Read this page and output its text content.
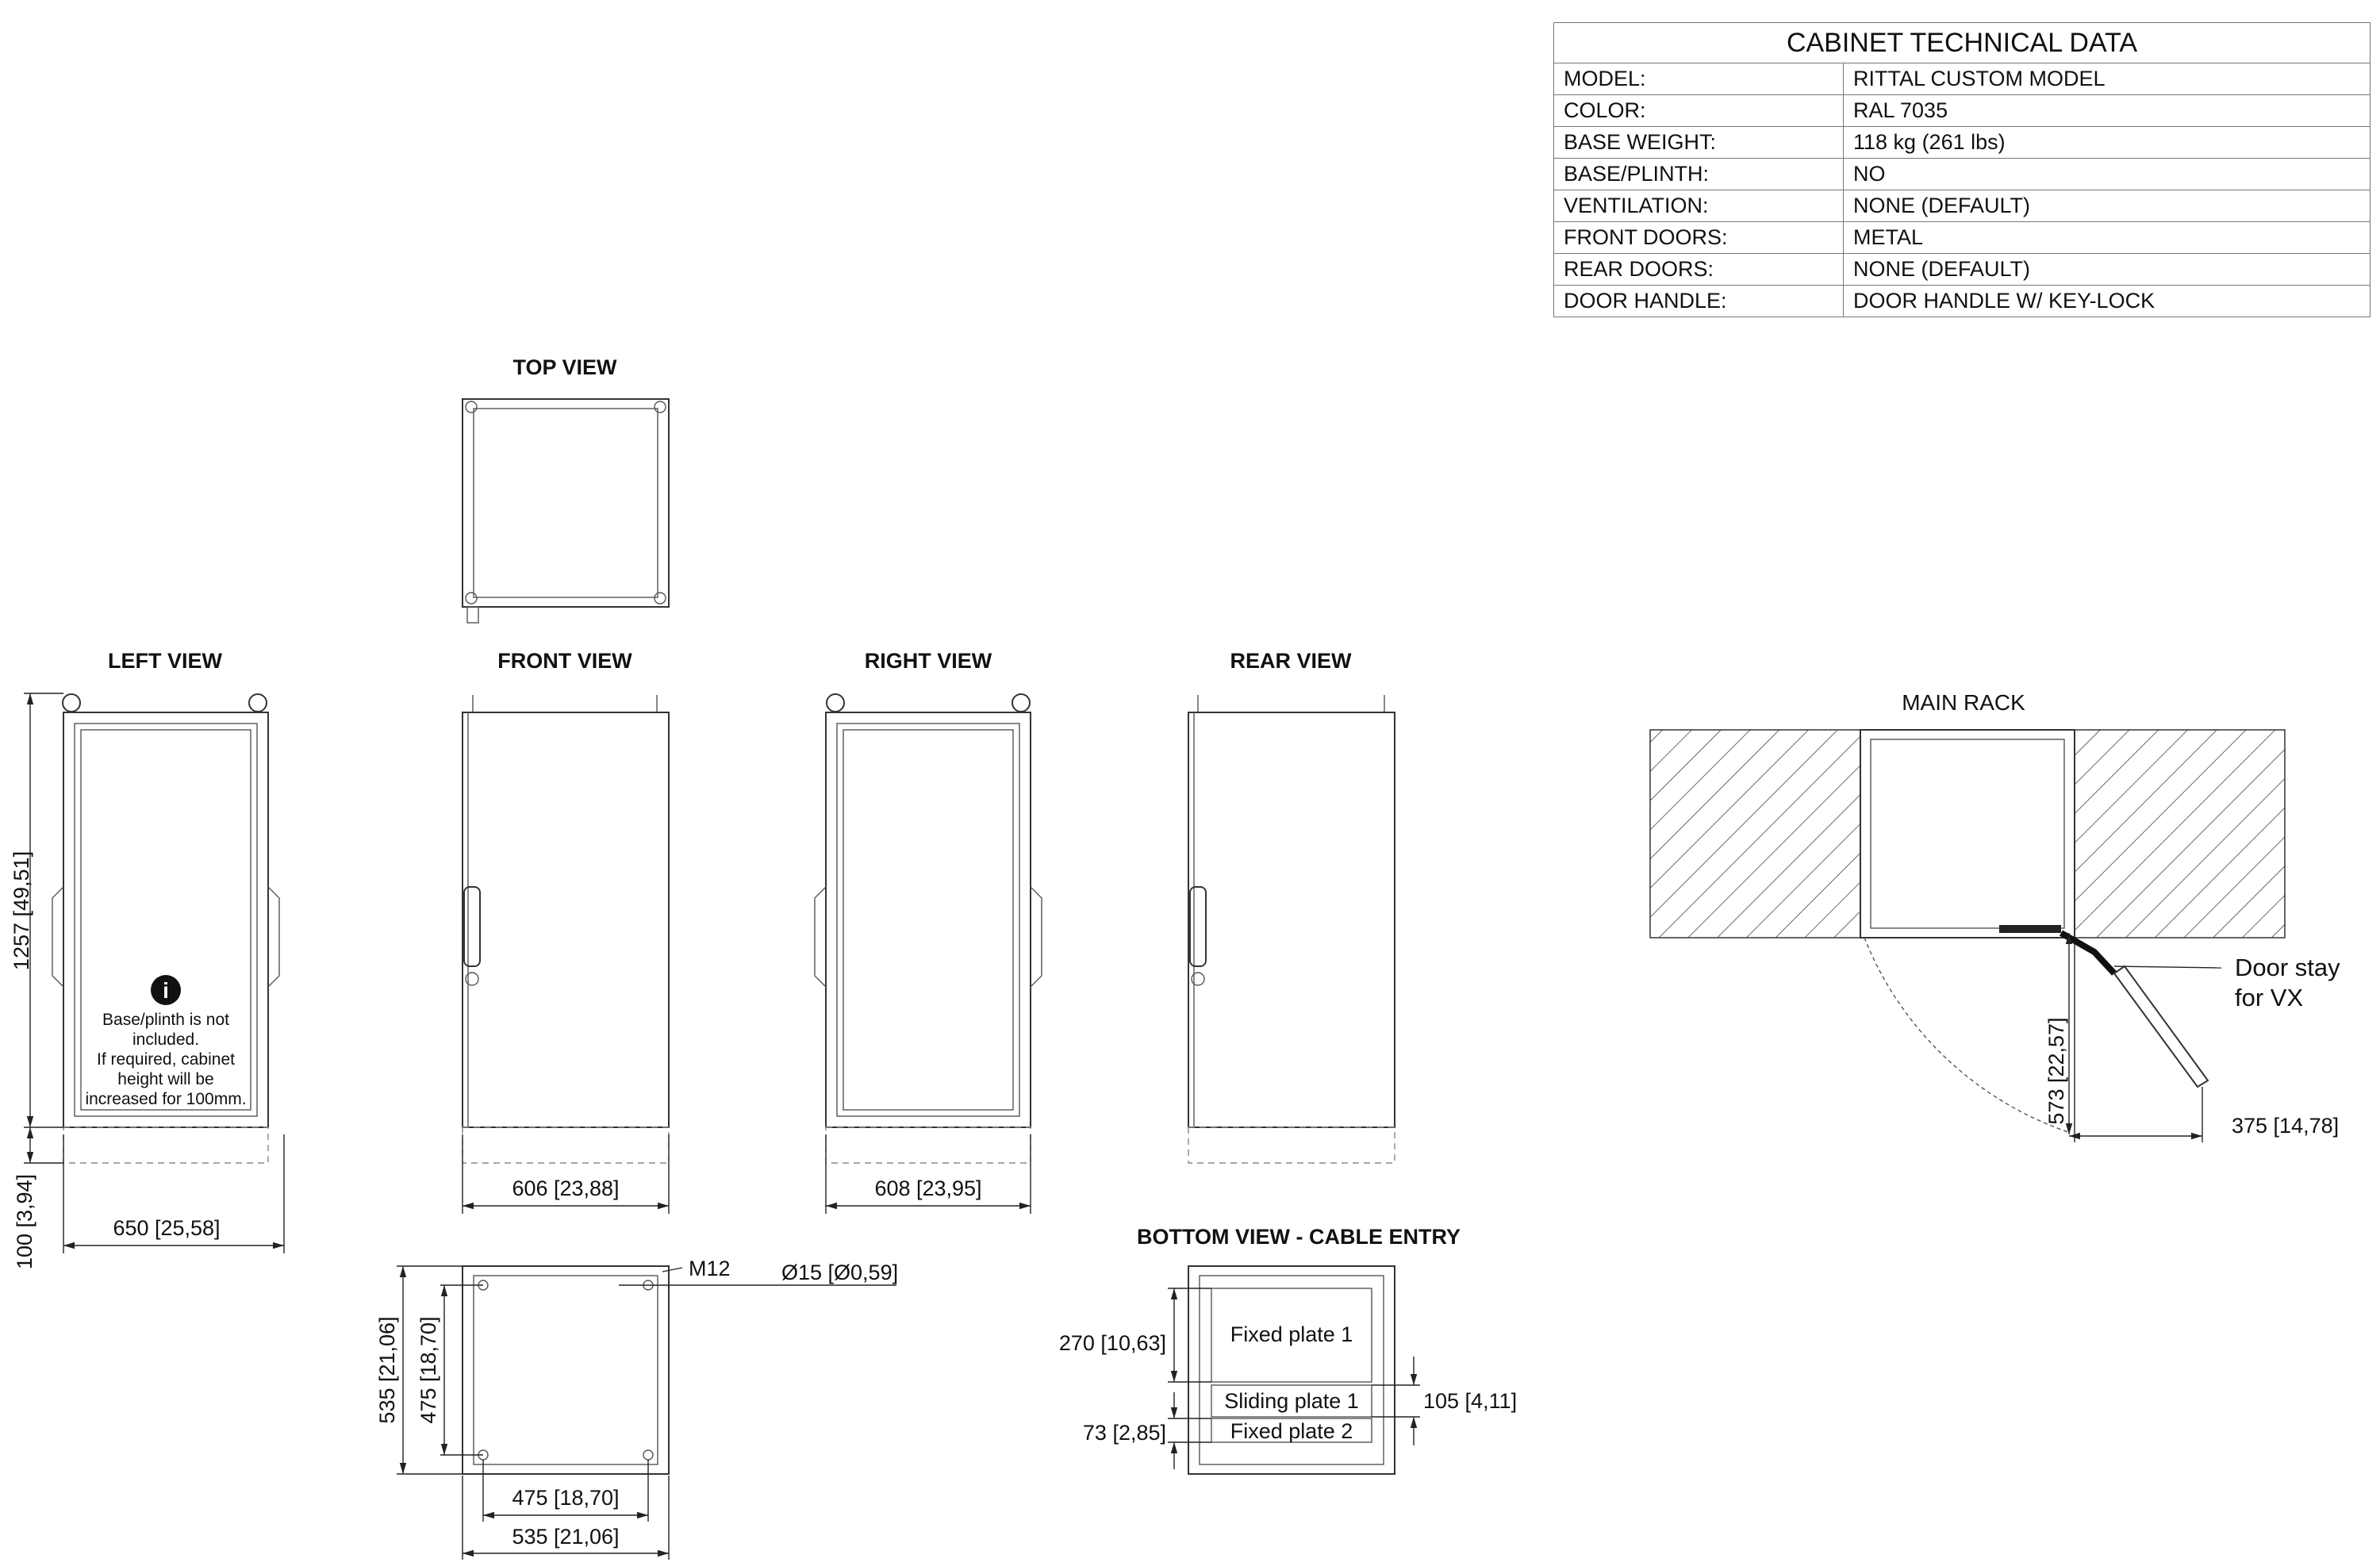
CABINET TECHNICAL DATA	
MODEL:	RITTAL CUSTOM MODEL
COLOR:	RAL 7035
BASE WEIGHT:	118 kg (261 lbs)
BASE/PLINTH:	NO
VENTILATION:	NONE (DEFAULT)
FRONT DOORS:	METAL
REAR DOORS:	NONE (DEFAULT)
DOOR HANDLE:	DOOR HANDLE W/ KEY-LOCK
TOP VIEW
LEFT VIEW
i
Base/plinth is not
included.
If required, cabinet
height will be
increased for 100mm.
1257 [49,51]
100 [3,94]	650 [25,58]
FRONT VIEW
606 [23,88]
RIGHT VIEW
608 [23,95]
REAR VIEW
M12 Ø15 [Ø0,59]
535 [21,06] 475 [18,70]
475 [18,70]
535 [21,06]
BOTTOM VIEW - CABLE ENTRY
Fixed plate 1
Sliding plate 1
Fixed plate 2
270 [10,63]
105 [4,11]
73 [2,85]
MAIN RACK
Door stay
for VX
573 [22,57]
375 [14,78]
